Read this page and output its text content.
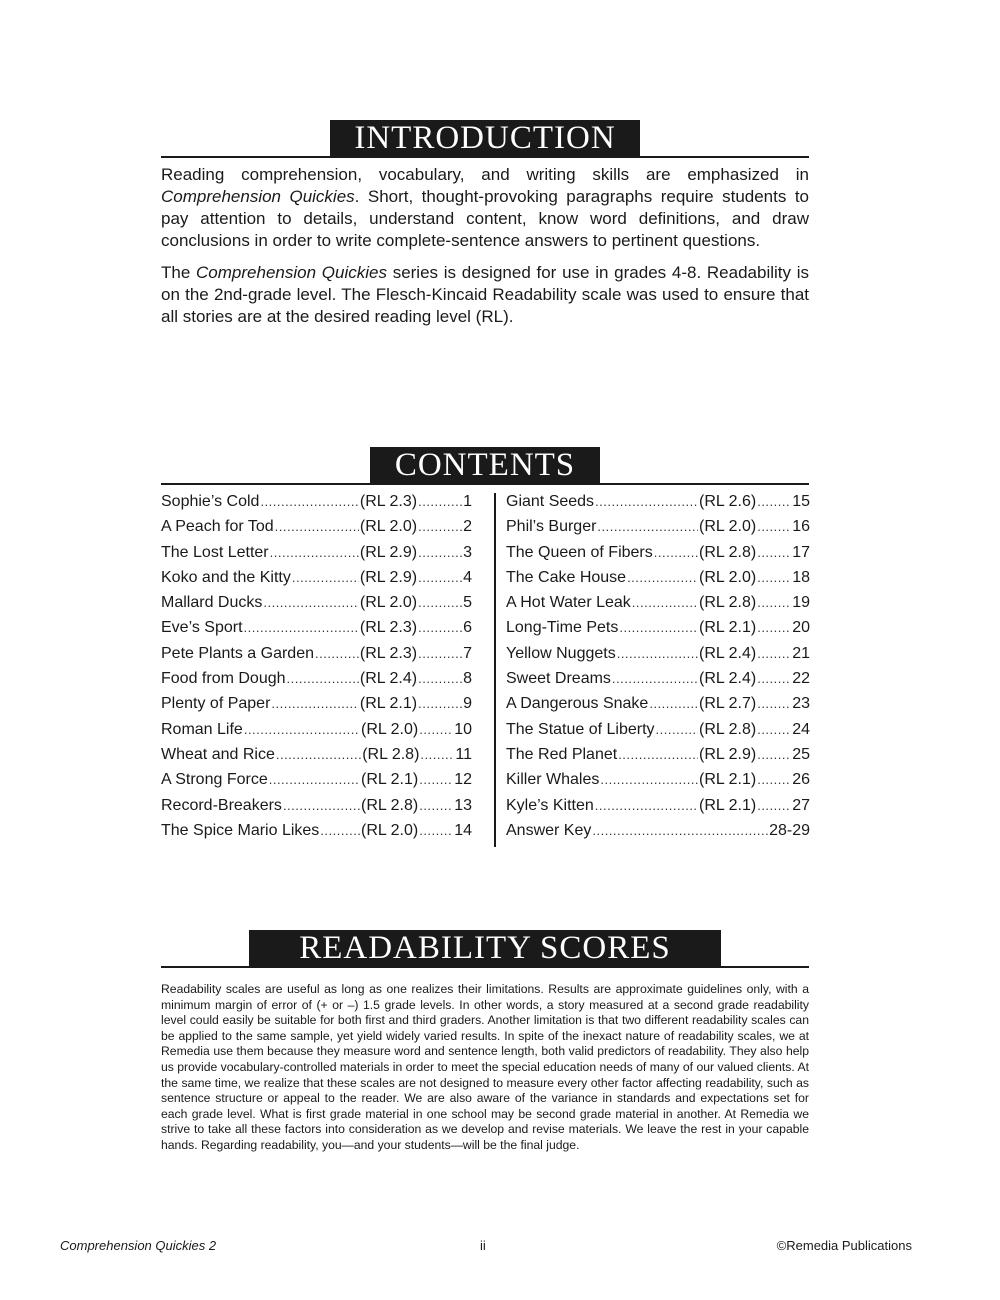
INTRODUCTION

Reading comprehension, vocabulary, and writing skills are emphasized in Comprehension Quickies. Short, thought-provoking paragraphs require students to pay attention to details, understand content, know word definitions, and draw conclusions in order to write complete-sentence answers to pertinent questions.

The Comprehension Quickies series is designed for use in grades 4-8. Readability is on the 2nd-grade level. The Flesch-Kincaid Readability scale was used to ensure that all stories are at the desired reading level (RL).

CONTENTS
Sophie’s Cold .....	(RL 2.3) .....	1
A Peach for Tod .....	(RL 2.0) .....	2
The Lost Letter .....	(RL 2.9) .....	3
Koko and the Kitty .....	(RL 2.9) .....	4
Mallard Ducks .....	(RL 2.0) .....	5
Eve’s Sport .....	(RL 2.3) .....	6
Pete Plants a Garden .....	(RL 2.3) .....	7
Food from Dough .....	(RL 2.4) .....	8
Plenty of Paper .....	(RL 2.1) .....	9
Roman Life .....	(RL 2.0) ..... 10
Wheat and Rice .....	(RL 2.8) ..... 11
A Strong Force .....	(RL 2.1) ..... 12
Record-Breakers .....	(RL 2.8) ..... 13
The Spice Mario Likes .....	(RL 2.0) ..... 14
Giant Seeds .....	(RL 2.6) ..... 15
Phil’s Burger .....	(RL 2.0) ..... 16
The Queen of Fibers .....	(RL 2.8) ..... 17
The Cake House .....	(RL 2.0) ..... 18
A Hot Water Leak .....	(RL 2.8) ..... 19
Long-Time Pets .....	(RL 2.1) ..... 20
Yellow Nuggets .....	(RL 2.4) ..... 21
Sweet Dreams .....	(RL 2.4) ..... 22
A Dangerous Snake .....	(RL 2.7) ..... 23
The Statue of Liberty .....	(RL 2.8) ..... 24
The Red Planet .....	(RL 2.9) ..... 25
Killer Whales .....	(RL 2.1) ..... 26
Kyle’s Kitten .....	(RL 2.1) ..... 27
Answer Key .....	28-29
READABILITY SCORES
Readability scales are useful as long as one realizes their limitations. Results are approximate guidelines only, with a minimum margin of error of (+ or –) 1.5 grade levels. In other words, a story measured at a second grade readability level could easily be suitable for both first and third graders. Another limitation is that two different readability scales can be applied to the same sample, yet yield widely varied results. In spite of the inexact nature of readability scales, we at Remedia use them because they measure word and sentence length, both valid predictors of readability. They also help us provide vocabulary-controlled materials in order to meet the special education needs of many of our valued clients. At the same time, we realize that these scales are not designed to measure every other factor affecting readability, such as sentence structure or appeal to the reader. We are also aware of the variance in standards and expectations set for each grade level. What is first grade material in one school may be second grade material in another. At Remedia we strive to take all these factors into consideration as we develop and revise materials. We leave the rest in your capable hands. Regarding readability, you—and your students—will be the final judge.
Comprehension Quickies 2	ii	©Remedia Publications
